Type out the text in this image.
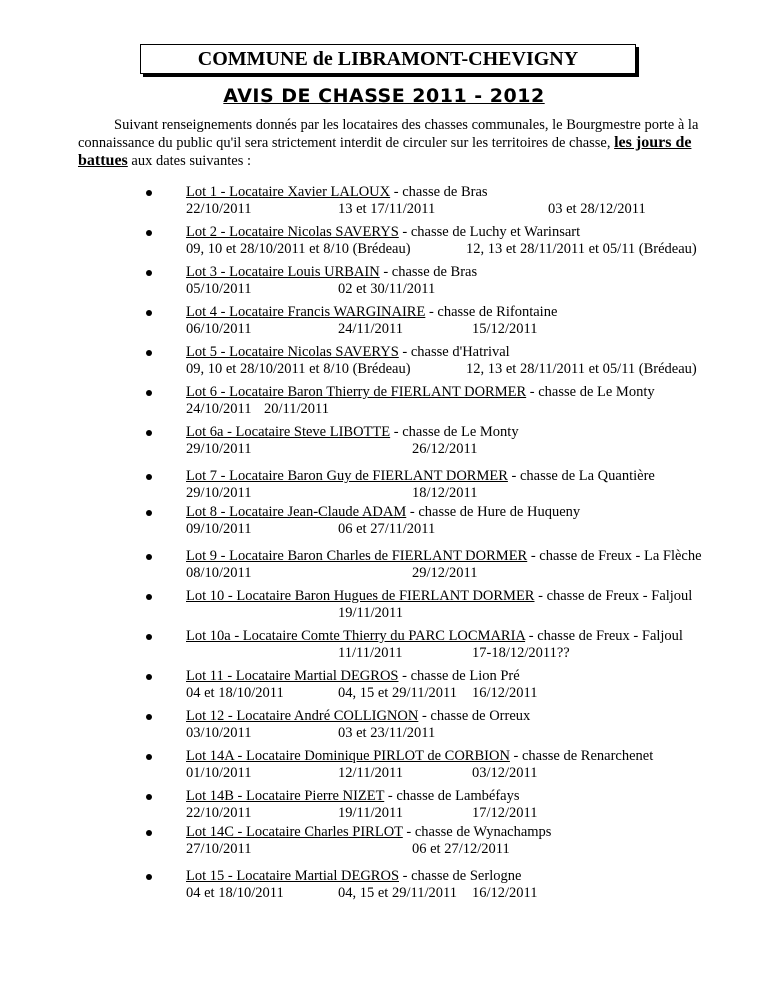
COMMUNE de LIBRAMONT-CHEVIGNY
AVIS DE CHASSE 2011 - 2012
Suivant renseignements donnés par les locataires des chasses communales, le Bourgmestre porte à la connaissance du public qu'il sera strictement interdit de circuler sur les territoires de chasse, les jours de battues aux dates suivantes :
Lot 1 - Locataire Xavier LALOUX - chasse de Bras
22/10/2011	13 et 17/11/2011	03 et 28/12/2011
Lot 2 - Locataire Nicolas SAVERYS - chasse de Luchy et Warinsart
09, 10 et 28/10/2011 et 8/10 (Brédeau)	12, 13 et 28/11/2011 et 05/11 (Brédeau)
Lot 3 - Locataire Louis URBAIN - chasse de Bras
05/10/2011	02 et 30/11/2011
Lot 4 - Locataire Francis WARGINAIRE - chasse de Rifontaine
06/10/2011	24/11/2011	15/12/2011
Lot 5 - Locataire Nicolas SAVERYS - chasse d'Hatrival
09, 10 et 28/10/2011 et 8/10 (Brédeau)	12, 13 et 28/11/2011 et 05/11 (Brédeau)
Lot 6 - Locataire Baron Thierry de FIERLANT DORMER - chasse de Le Monty
24/10/2011 20/11/2011
Lot 6a - Locataire Steve LIBOTTE - chasse de Le Monty
29/10/2011	26/12/2011
Lot 7 - Locataire Baron Guy de FIERLANT DORMER - chasse de La Quantière
29/10/2011	18/12/2011
Lot 8 - Locataire Jean-Claude ADAM - chasse de Hure de Huqueny
09/10/2011	06 et 27/11/2011
Lot 9 - Locataire Baron Charles de FIERLANT DORMER - chasse de Freux - La Flèche
08/10/2011	29/12/2011
Lot 10 - Locataire Baron Hugues de FIERLANT DORMER - chasse de Freux - Faljoul
19/11/2011
Lot 10a - Locataire Comte Thierry du PARC LOCMARIA - chasse de Freux - Faljoul
11/11/2011	17-18/12/2011??
Lot 11 - Locataire Martial DEGROS - chasse de Lion Pré
04 et 18/10/2011	04, 15 et 29/11/2011 16/12/2011
Lot 12 - Locataire André COLLIGNON - chasse de Orreux
03/10/2011	03 et 23/11/2011
Lot 14A - Locataire Dominique PIRLOT de CORBION - chasse de Renarchenet
01/10/2011	12/11/2011	03/12/2011
Lot 14B - Locataire Pierre NIZET - chasse de Lambéfays
22/10/2011	19/11/2011	17/12/2011
Lot 14C - Locataire Charles PIRLOT - chasse de Wynachamps
27/10/2011	06 et 27/12/2011
Lot 15 - Locataire Martial DEGROS - chasse de Serlogne
04 et 18/10/2011	04, 15 et 29/11/2011 16/12/2011
